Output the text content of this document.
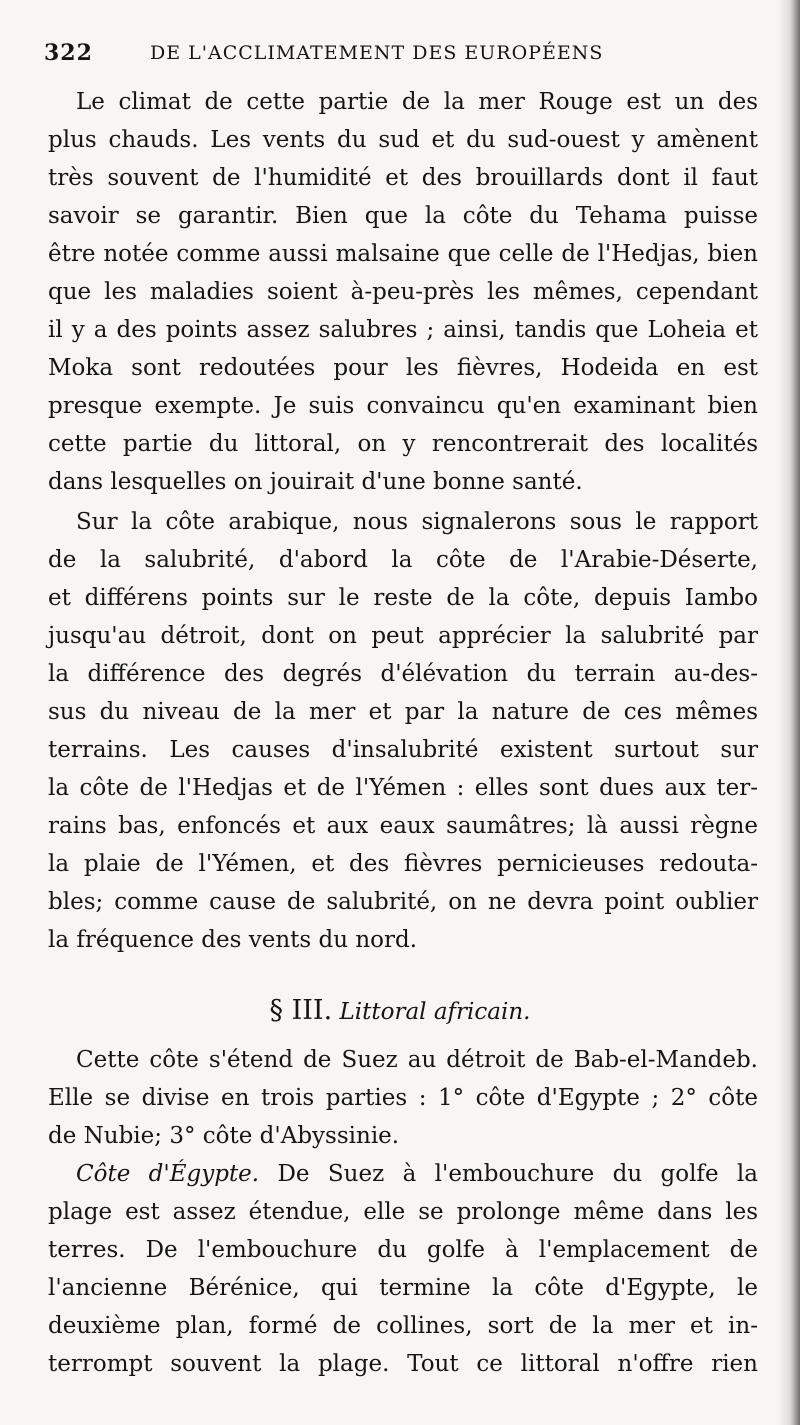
322	DE L'ACCLIMATEMENT DES EUROPÉENS
Le climat de cette partie de la mer Rouge est un des
plus chauds. Les vents du sud et du sud-ouest y amènent
très souvent de l'humidité et des brouillards dont il faut
savoir se garantir. Bien que la côte du Tehama puisse
être notée comme aussi malsaine que celle de l'Hedjas, bien
que les maladies soient à-peu-près les mêmes, cependant
il y a des points assez salubres ; ainsi, tandis que Loheia et
Moka sont redoutées pour les fièvres, Hodeida en est
presque exempte. Je suis convaincu qu'en examinant bien
cette partie du littoral, on y rencontrerait des localités
dans lesquelles on jouirait d'une bonne santé.
Sur la côte arabique, nous signalerons sous le rapport
de la salubrité, d'abord la côte de l'Arabie-Déserte,
et différens points sur le reste de la côte, depuis Iambo
jusqu'au détroit, dont on peut apprécier la salubrité par
la différence des degrés d'élévation du terrain au-des-
sus du niveau de la mer et par la nature de ces mêmes
terrains. Les causes d'insalubrité existent surtout sur
la côte de l'Hedjas et de l'Yémen : elles sont dues aux ter-
rains bas, enfoncés et aux eaux saumâtres; là aussi règne
la plaie de l'Yémen, et des fièvres pernicieuses redouta-
bles; comme cause de salubrité, on ne devra point oublier
la fréquence des vents du nord.
§ III. Littoral africain.
Cette côte s'étend de Suez au détroit de Bab-el-Mandeb.
Elle se divise en trois parties : 1° côte d'Egypte ; 2° côte
de Nubie; 3° côte d'Abyssinie.
Côte d'Égypte. De Suez à l'embouchure du golfe la
plage est assez étendue, elle se prolonge même dans les
terres. De l'embouchure du golfe à l'emplacement de
l'ancienne Bérénice, qui termine la côte d'Egypte, le
deuxième plan, formé de collines, sort de la mer et in-
terrompt souvent la plage. Tout ce littoral n'offre rien
